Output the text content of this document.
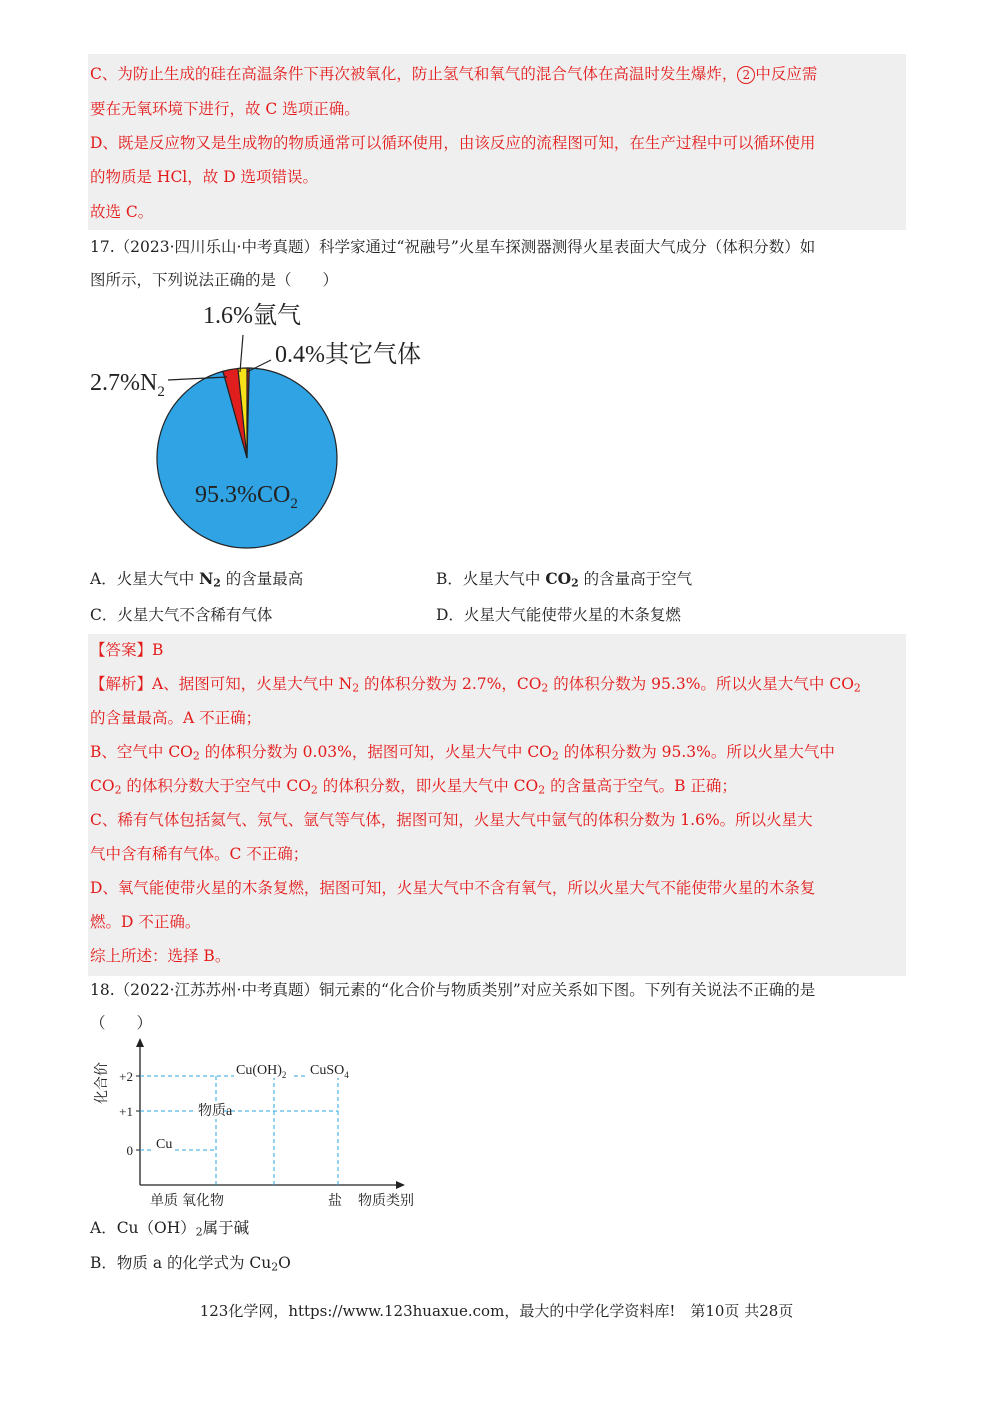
C、为防止生成的硅在高温条件下再次被氧化，防止氢气和氧气的混合气体在高温时发生爆炸， 2 中反应需
要在无氧环境下进行，故 C 选项正确。
D、既是反应物又是生成物的物质通常可以循环使用，由该反应的流程图可知，在生产过程中可以循环使用
的物质是 HCl，故 D 选项错误。
故选 C。
17.（2023·四川乐山·中考真题）科学家通过“祝融号”火星车探测器测得火星表面大气成分（体积分数）如
图所示，下列说法正确的是（　　）
1.6%氩气
0.4%其它气体
$2.7\%N_2$
$95.3\%CO_2$
A．火星大气中 $N_2$ 的含量最高	B．火星大气中 $CO_2$ 的含量高于空气
C．火星大气不含稀有气体	D．火星大气能使带火星的木条复燃
【答案】B
【解析】A、据图可知，火星大气中 $N_2$ 的体积分数为 2.7%，$CO_2$ 的体积分数为 95.3%。所以火星大气中 $CO_2$
的含量最高。A 不正确；
B、空气中 $CO_2$ 的体积分数为 0.03%，据图可知，火星大气中 $CO_2$ 的体积分数为 95.3%。所以火星大气中
$CO_2$ 的体积分数大于空气中 $CO_2$ 的体积分数，即火星大气中 $CO_2$ 的含量高于空气。B 正确；
C、稀有气体包括氦气、氖气、氩气等气体，据图可知，火星大气中氩气的体积分数为 1.6%。所以火星大
气中含有稀有气体。C 不正确；
D、氧气能使带火星的木条复燃，据图可知，火星大气中不含有氧气，所以火星大气不能使带火星的木条复
燃。D 不正确。
综上所述：选择 B。
18.（2022·江苏苏州·中考真题）铜元素的“化合价与物质类别”对应关系如下图。下列有关说法不正确的是
（　　）
Cu
物质a
$Cu(OH)_2$ CuSO$_4$
0
+1
+2
单质 氧化物	盐
化合价
物质类别
A．$Cu(OH)_2$属于碱
B．物质 a 的化学式为 $Cu_2O$
123化学网，https://www.123huaxue.com，最大的中学化学资料库!　第10页 共28页
